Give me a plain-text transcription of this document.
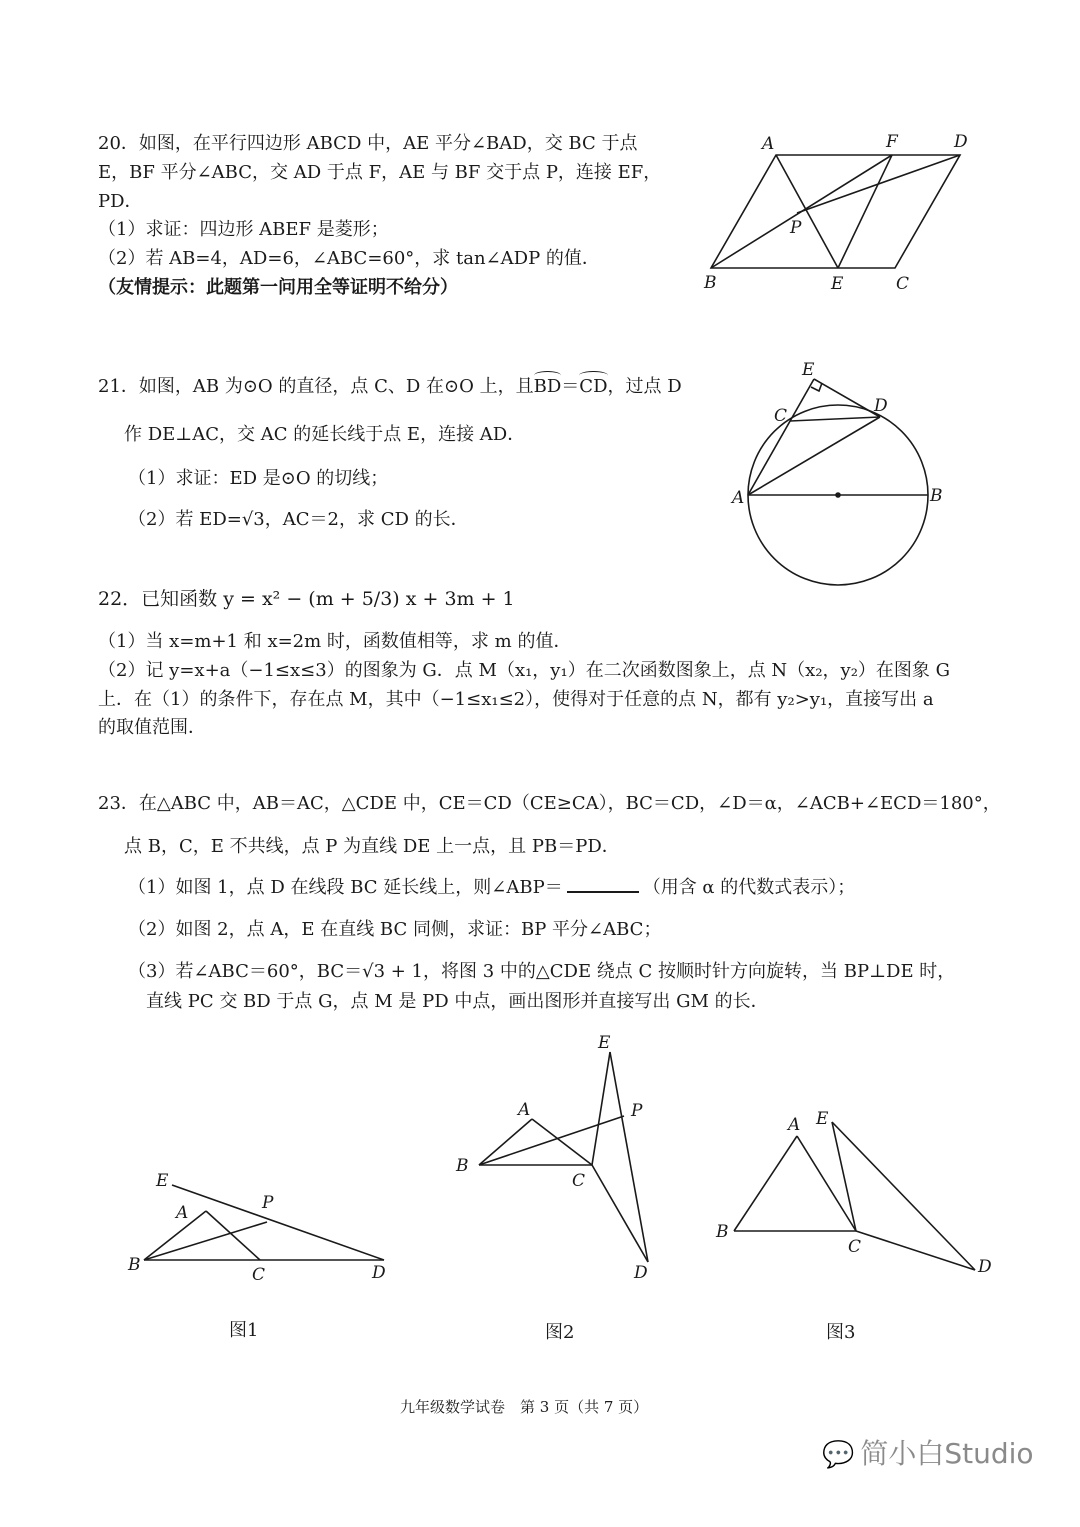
20．如图，在平行四边形 ABCD 中，AE 平分∠BAD，交 BC 于点
E，BF 平分∠ABC，交 AD 于点 F，AE 与 BF 交于点 P，连接 EF，
PD．
（1）求证：四边形 ABEF 是菱形；
（2）若 AB=4，AD=6，∠ABC=60°，求 tan∠ADP 的值．
（友情提示：此题第一问用全等证明不给分）
A	F	D
P
B	E	C
21．如图，AB 为⊙O 的直径，点 C、D 在⊙O 上，且
BD＝
CD，过点 D
作 DE⊥AC，交 AC 的延长线于点 E，连接 AD．
（1）求证：ED 是⊙O 的切线；
（2）若 ED=√3，AC＝2，求 CD 的长．
E
C	D
A	B
22．已知函数 y = x² − (m + 5/3) x + 3m + 1
（1）当 x=m+1 和 x=2m 时，函数值相等，求 m 的值．
（2）记 y=x+a（−1≤x≤3）的图象为 G．点 M（x₁，y₁）在二次函数图象上，点 N（x₂，y₂）在图象 G
上．在（1）的条件下，存在点 M，其中（−1≤x₁≤2），使得对于任意的点 N，都有 y₂>y₁，直接写出 a
的取值范围．
23．在△ABC 中，AB＝AC，△CDE 中，CE＝CD（CE≥CA），BC＝CD，∠D＝α，∠ACB+∠ECD＝180°，
点 B，C，E 不共线，点 P 为直线 DE 上一点，且 PB＝PD．
（1）如图 1，点 D 在线段 BC 延长线上，则∠ABP＝	（用含 α 的代数式表示）；
（2）如图 2，点 A，E 在直线 BC 同侧，求证：BP 平分∠ABC；
（3）若∠ABC＝60°，BC＝√3 + 1，将图 3 中的△CDE 绕点 C 按顺时针方向旋转，当 BP⊥DE 时，
直线 PC 交 BD 于点 G，点 M 是 PD 中点，画出图形并直接写出 GM 的长．
E
A	P
B	C	D
E
A	P
B
C
D
A E
B
C
D
图1	图2	图3
九年级数学试卷　第 3 页（共 7 页）
💬 简小白Studio
